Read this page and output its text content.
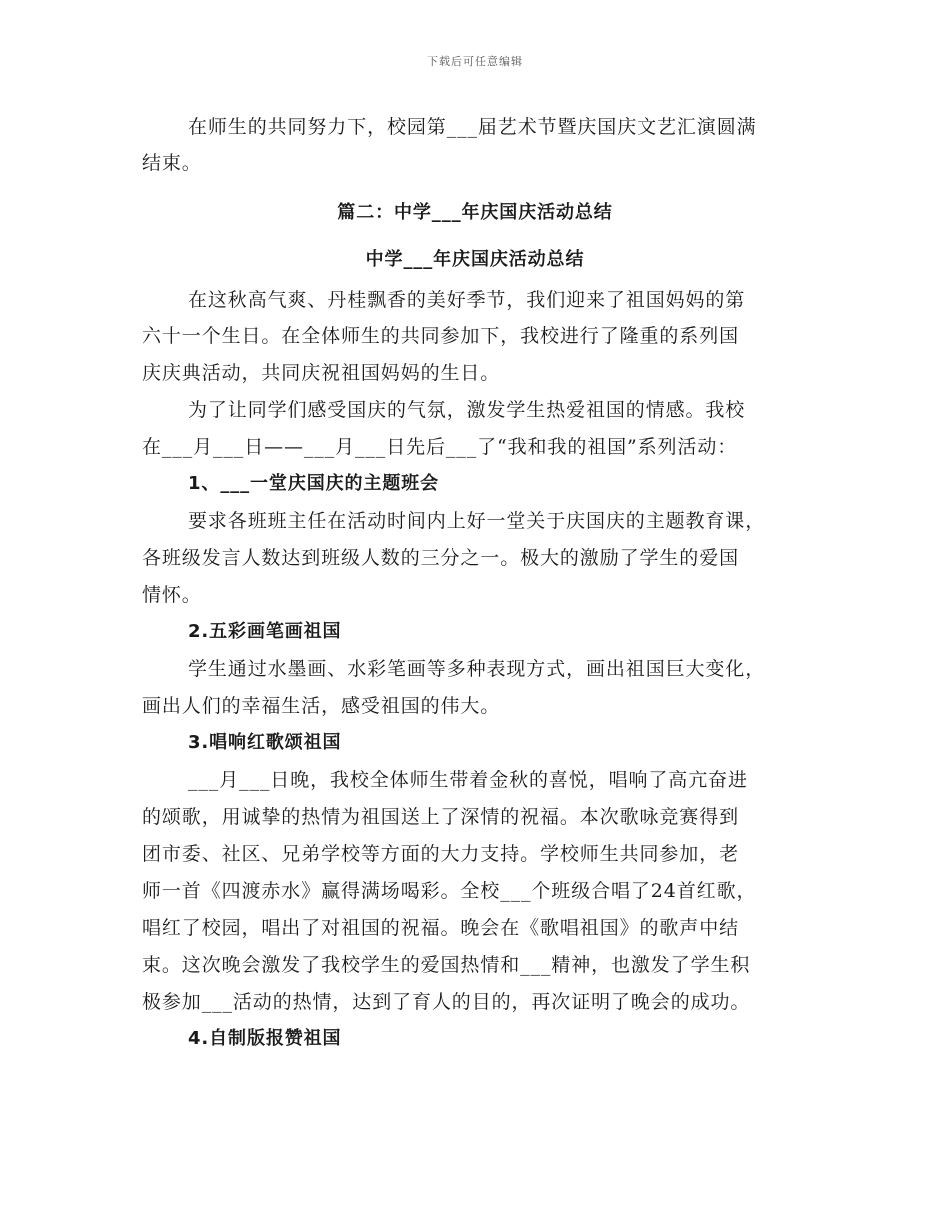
下载后可任意编辑
在师生的共同努力下，校园第___届艺术节暨庆国庆文艺汇演圆满
结束。
篇二：中学___年庆国庆活动总结
中学___年庆国庆活动总结
在这秋高气爽、丹桂飘香的美好季节，我们迎来了祖国妈妈的第
六十一个生日。在全体师生的共同参加下，我校进行了隆重的系列国
庆庆典活动，共同庆祝祖国妈妈的生日。
为了让同学们感受国庆的气氛，激发学生热爱祖国的情感。我校
在___月___日——___月___日先后___了“我和我的祖国”系列活动：
1、___一堂庆国庆的主题班会
要求各班班主任在活动时间内上好一堂关于庆国庆的主题教育课，
各班级发言人数达到班级人数的三分之一。极大的激励了学生的爱国
情怀。
2.五彩画笔画祖国
学生通过水墨画、水彩笔画等多种表现方式，画出祖国巨大变化，
画出人们的幸福生活，感受祖国的伟大。
3.唱响红歌颂祖国
___月___日晚，我校全体师生带着金秋的喜悦，唱响了高亢奋进
的颂歌，用诚挚的热情为祖国送上了深情的祝福。本次歌咏竞赛得到
团市委、社区、兄弟学校等方面的大力支持。学校师生共同参加，老
师一首《四渡赤水》赢得满场喝彩。全校___个班级合唱了24首红歌，
唱红了校园，唱出了对祖国的祝福。晚会在《歌唱祖国》的歌声中结
束。这次晚会激发了我校学生的爱国热情和___精神，也激发了学生积
极参加___活动的热情，达到了育人的目的，再次证明了晚会的成功。
4.自制版报赞祖国
